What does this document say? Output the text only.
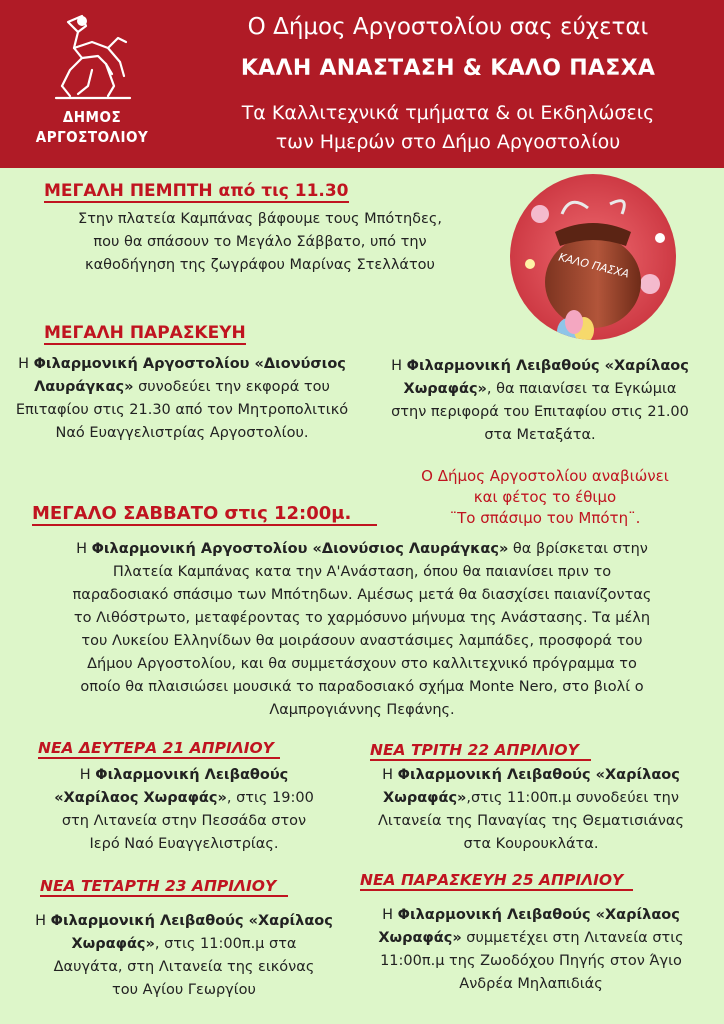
ΔΗΜΟΣ
ΑΡΓΟΣΤΟΛΙΟΥ
Ο Δήμος Αργοστολίου σας εύχεται
ΚΑΛΗ ΑΝΑΣΤΑΣΗ & ΚΑΛΟ ΠΑΣΧΑ
Τα Καλλιτεχνικά τμήματα & οι Εκδηλώσεις
των Ημερών στο Δήμο Αργοστολίου
ΚΑΛΟ ΠΑΣΧΑ
ΜΕΓΑΛΗ ΠΕΜΠΤΗ από τις 11.30
Στην πλατεία Καμπάνας βάφουμε τους Μπότηδες,
που θα σπάσουν το Μεγάλο Σάββατο, υπό την
καθοδήγηση της ζωγράφου Μαρίνας Στελλάτου
ΜΕΓΑΛΗ ΠΑΡΑΣΚΕΥΗ
Η Φιλαρμονική Αργοστολίου «Διονύσιος
Λαυράγκας» συνοδεύει την εκφορά του
Επιταφίου στις 21.30 από τον Μητροπολιτικό
Ναό Ευαγγελιστρίας Αργοστολίου.
Η Φιλαρμονική Λειβαθούς «Χαρίλαος
Χωραφάς», θα παιανίσει τα Εγκώμια
στην περιφορά του Επιταφίου στις 21.00
στα Μεταξάτα.
Ο Δήμος Αργοστολίου αναβιώνει
και φέτος το έθιμο
¨Το σπάσιμο του Μπότη¨.
ΜΕΓΑΛΟ ΣΑΒΒΑΤΟ στις 12:00μ.
Η Φιλαρμονική Αργοστολίου «Διονύσιος Λαυράγκας» θα βρίσκεται στην
Πλατεία Καμπάνας κατα την Α'Ανάσταση, όπου θα παιανίσει πριν το
παραδοσιακό σπάσιμο των Μπότηδων. Αμέσως μετά θα διασχίσει παιανίζοντας
το Λιθόστρωτο, μεταφέροντας το χαρμόσυνο μήνυμα της Ανάστασης. Τα μέλη
του Λυκείου Ελληνίδων θα μοιράσουν αναστάσιμες λαμπάδες, προσφορά του
Δήμου Αργοστολίου, και θα συμμετάσχουν στο καλλιτεχνικό πρόγραμμα το
οποίο θα πλαισιώσει μουσικά το παραδοσιακό σχήμα Monte Nero, στο βιολί ο
Λαμπρογιάννης Πεφάνης.
ΝΕΑ ΔΕΥΤΕΡΑ 21 ΑΠΡΙΛΙΟΥ
Η Φιλαρμονική Λειβαθούς
«Χαρίλαος Χωραφάς», στις 19:00
στη Λιτανεία στην Πεσσάδα στον
Ιερό Ναό Ευαγγελιστρίας.
ΝΕΑ ΤΡΙΤΗ 22 ΑΠΡΙΛΙΟΥ
Η Φιλαρμονική Λειβαθούς «Χαρίλαος
Χωραφάς»,στις 11:00π.μ συνοδεύει την
Λιτανεία της Παναγίας της Θεματισιάνας
στα Κουρουκλάτα.
ΝΕΑ ΤΕΤΑΡΤΗ 23 ΑΠΡΙΛΙΟΥ
Η Φιλαρμονική Λειβαθούς «Χαρίλαος
Χωραφάς», στις 11:00π.μ στα
Δαυγάτα, στη Λιτανεία της εικόνας
του Αγίου Γεωργίου
ΝΕΑ ΠΑΡΑΣΚΕΥΗ 25 ΑΠΡΙΛΙΟΥ
Η Φιλαρμονική Λειβαθούς «Χαρίλαος
Χωραφάς» συμμετέχει στη Λιτανεία στις
11:00π.μ της Ζωοδόχου Πηγής στον Άγιο
Ανδρέα Μηλαπιδιάς
